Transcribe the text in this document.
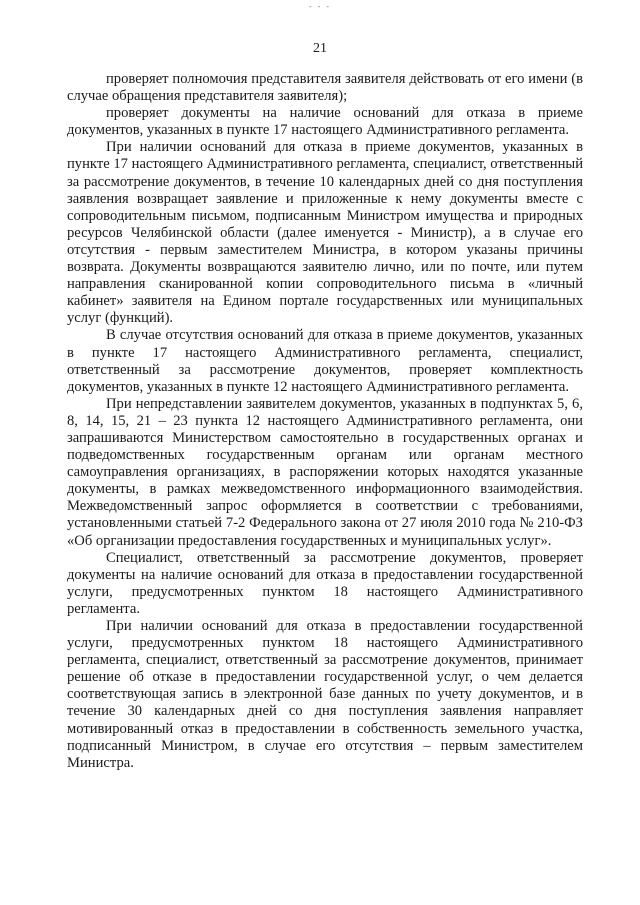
- - -
21

проверяет полномочия представителя заявителя действовать от его имени (в случае обращения представителя заявителя);

проверяет документы на наличие оснований для отказа в приеме документов, указанных в пункте 17 настоящего Административного регламента.

При наличии оснований для отказа в приеме документов, указанных в пункте 17 настоящего Административного регламента, специалист, ответственный за рассмотрение документов, в течение 10 календарных дней со дня поступления заявления возвращает заявление и приложенные к нему документы вместе с сопроводительным письмом, подписанным Министром имущества и природных ресурсов Челябинской области (далее именуется - Министр), а в случае его отсутствия - первым заместителем Министра, в котором указаны причины возврата. Документы возвращаются заявителю лично, или по почте, или путем направления сканированной копии сопроводительного письма в «личный кабинет» заявителя на Едином портале государственных или муниципальных услуг (функций).

В случае отсутствия оснований для отказа в приеме документов, указанных в пункте 17 настоящего Административного регламента, специалист, ответственный за рассмотрение документов, проверяет комплектность документов, указанных в пункте 12 настоящего Административного регламента.

При непредставлении заявителем документов, указанных в подпунктах 5, 6, 8, 14, 15, 21 – 23 пункта 12 настоящего Административного регламента, они запрашиваются Министерством самостоятельно в государственных органах и подведомственных государственным органам или органам местного самоуправления организациях, в распоряжении которых находятся указанные документы, в рамках межведомственного информационного взаимодействия. Межведомственный запрос оформляется в соответствии с требованиями, установленными статьей 7-2 Федерального закона от 27 июля 2010 года № 210-ФЗ «Об организации предоставления государственных и муниципальных услуг».

Специалист, ответственный за рассмотрение документов, проверяет документы на наличие оснований для отказа в предоставлении государственной услуги, предусмотренных пунктом 18 настоящего Административного регламента.

При наличии оснований для отказа в предоставлении государственной услуги, предусмотренных пунктом 18 настоящего Административного регламента, специалист, ответственный за рассмотрение документов, принимает решение об отказе в предоставлении государственной услуг, о чем делается соответствующая запись в электронной базе данных по учету документов, и в течение 30 календарных дней со дня поступления заявления направляет мотивированный отказ в предоставлении в собственность земельного участка, подписанный Министром, в случае его отсутствия – первым заместителем Министра.
